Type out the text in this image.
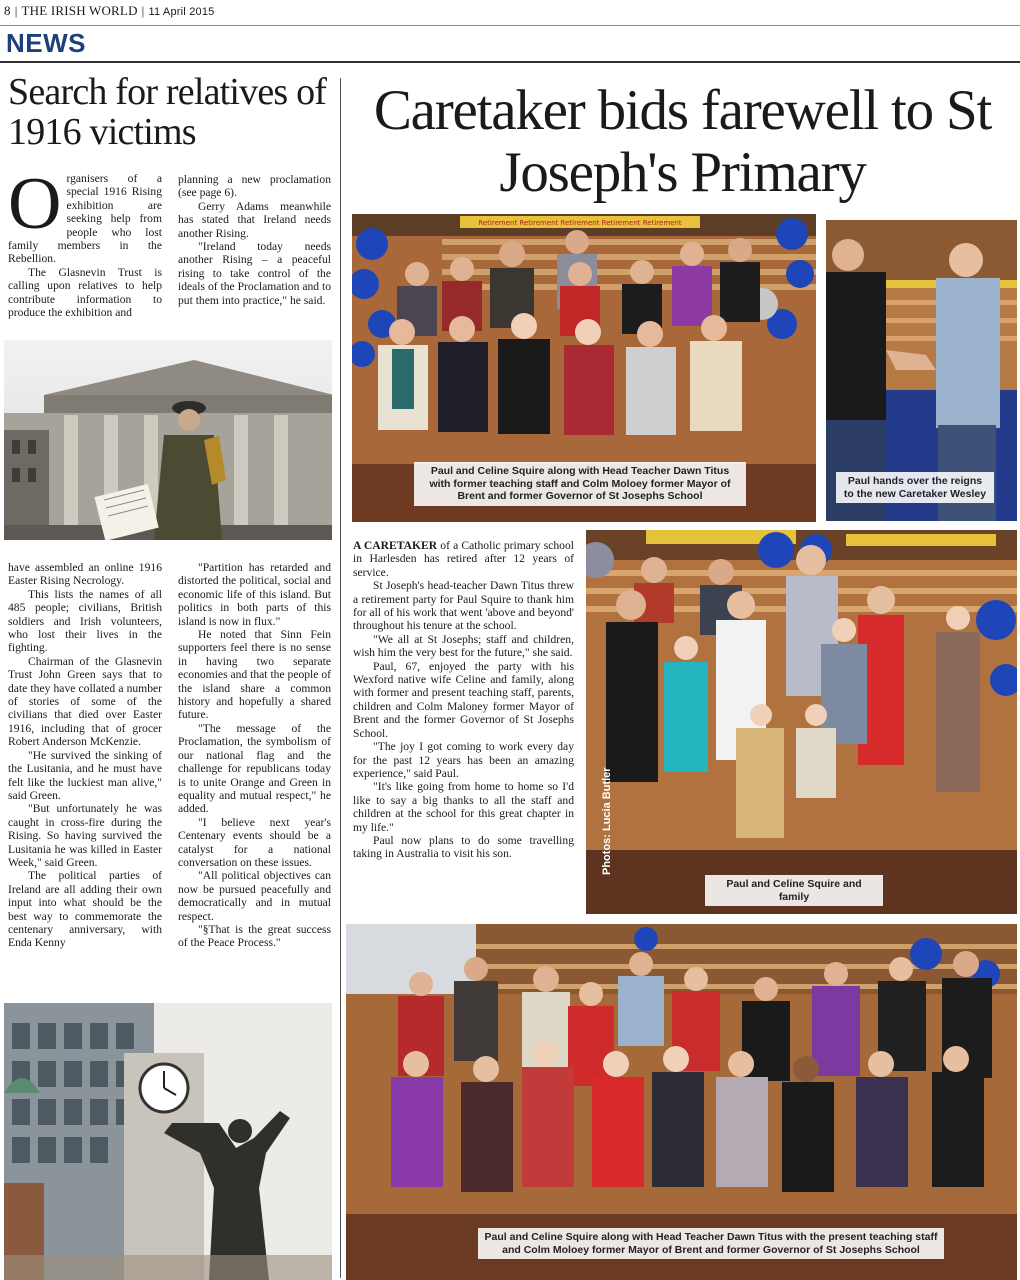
8 | THE IRISH WORLD | 11 April 2015
NEWS
Search for relatives of 1916 victims

Organisers of a special 1916 Rising exhibition are seeking help from people who lost family members in the Rebellion.

The Glasnevin Trust is calling upon relatives to help contribute information to produce the exhibition and

planning a new proclamation (see page 6).

Gerry Adams meanwhile has stated that Ireland needs another Rising.

"Ireland today needs another Rising – a peaceful rising to take control of the ideals of the Proclamation and to put them into practice," he said.

have assembled an online 1916 Easter Rising Necrology.

This lists the names of all 485 people; civilians, British soldiers and Irish volunteers, who lost their lives in the fighting.

Chairman of the Glasnevin Trust John Green says that to date they have collated a number of stories of some of the civilians that died over Easter 1916, including that of grocer Robert Anderson McKenzie.

"He survived the sinking of the Lusitania, and he must have felt like the luckiest man alive," said Green.

"But unfortunately he was caught in cross-fire during the Rising. So having survived the Lusitania he was killed in Easter Week," said Green.

The political parties of Ireland are all adding their own input into what should be the best way to commemorate the centenary anniversary, with Enda Kenny

"Partition has retarded and distorted the political, social and economic life of this island. But politics in both parts of this island is now in flux."

He noted that Sinn Fein supporters feel there is no sense in having two separate economies and that the people of the island share a common history and hopefully a shared future.

"The message of the Proclamation, the symbolism of our national flag and the challenge for republicans today is to unite Orange and Green in equality and mutual respect," he added.

"I believe next year's Centenary events should be a catalyst for a national conversation on these issues.

"All political objectives can now be pursued peacefully and democratically and in mutual respect.

"§That is the great success of the Peace Process."

Caretaker bids farewell to St Joseph's Primary
Retirement Retirement Retirement Retirement Retirement
Paul and Celine Squire along with Head Teacher Dawn Titus with former teaching staff and Colm Moloey former Mayor of Brent and former Governor of St Josephs School
Paul hands over the reigns to the new Caretaker Wesley

A CARETAKER of a Catholic primary school in Harlesden has retired after 12 years of service.

St Joseph's head-teacher Dawn Titus threw a retirement party for Paul Squire to thank him for all of his work that went 'above and beyond' throughout his tenure at the school.

"We all at St Josephs; staff and children, wish him the very best for the future," she said.

Paul, 67, enjoyed the party with his Wexford native wife Celine and family, along with former and present teaching staff, parents, children and Colm Maloney former Mayor of Brent and the former Governor of St Josephs School.

"The joy I got coming to work every day for the past 12 years has been an amazing experience," said Paul.

"It's like going from home to home so I'd like to say a big thanks to all the staff and children at the school for this great chapter in my life."

Paul now plans to do some travelling taking in Australia to visit his son.	Photos: Lucia Butler
Paul and Celine Squire and family
Paul and Celine Squire along with Head Teacher Dawn Titus with the present teaching staff and Colm Moloey former Mayor of Brent and former Governor of St Josephs School
